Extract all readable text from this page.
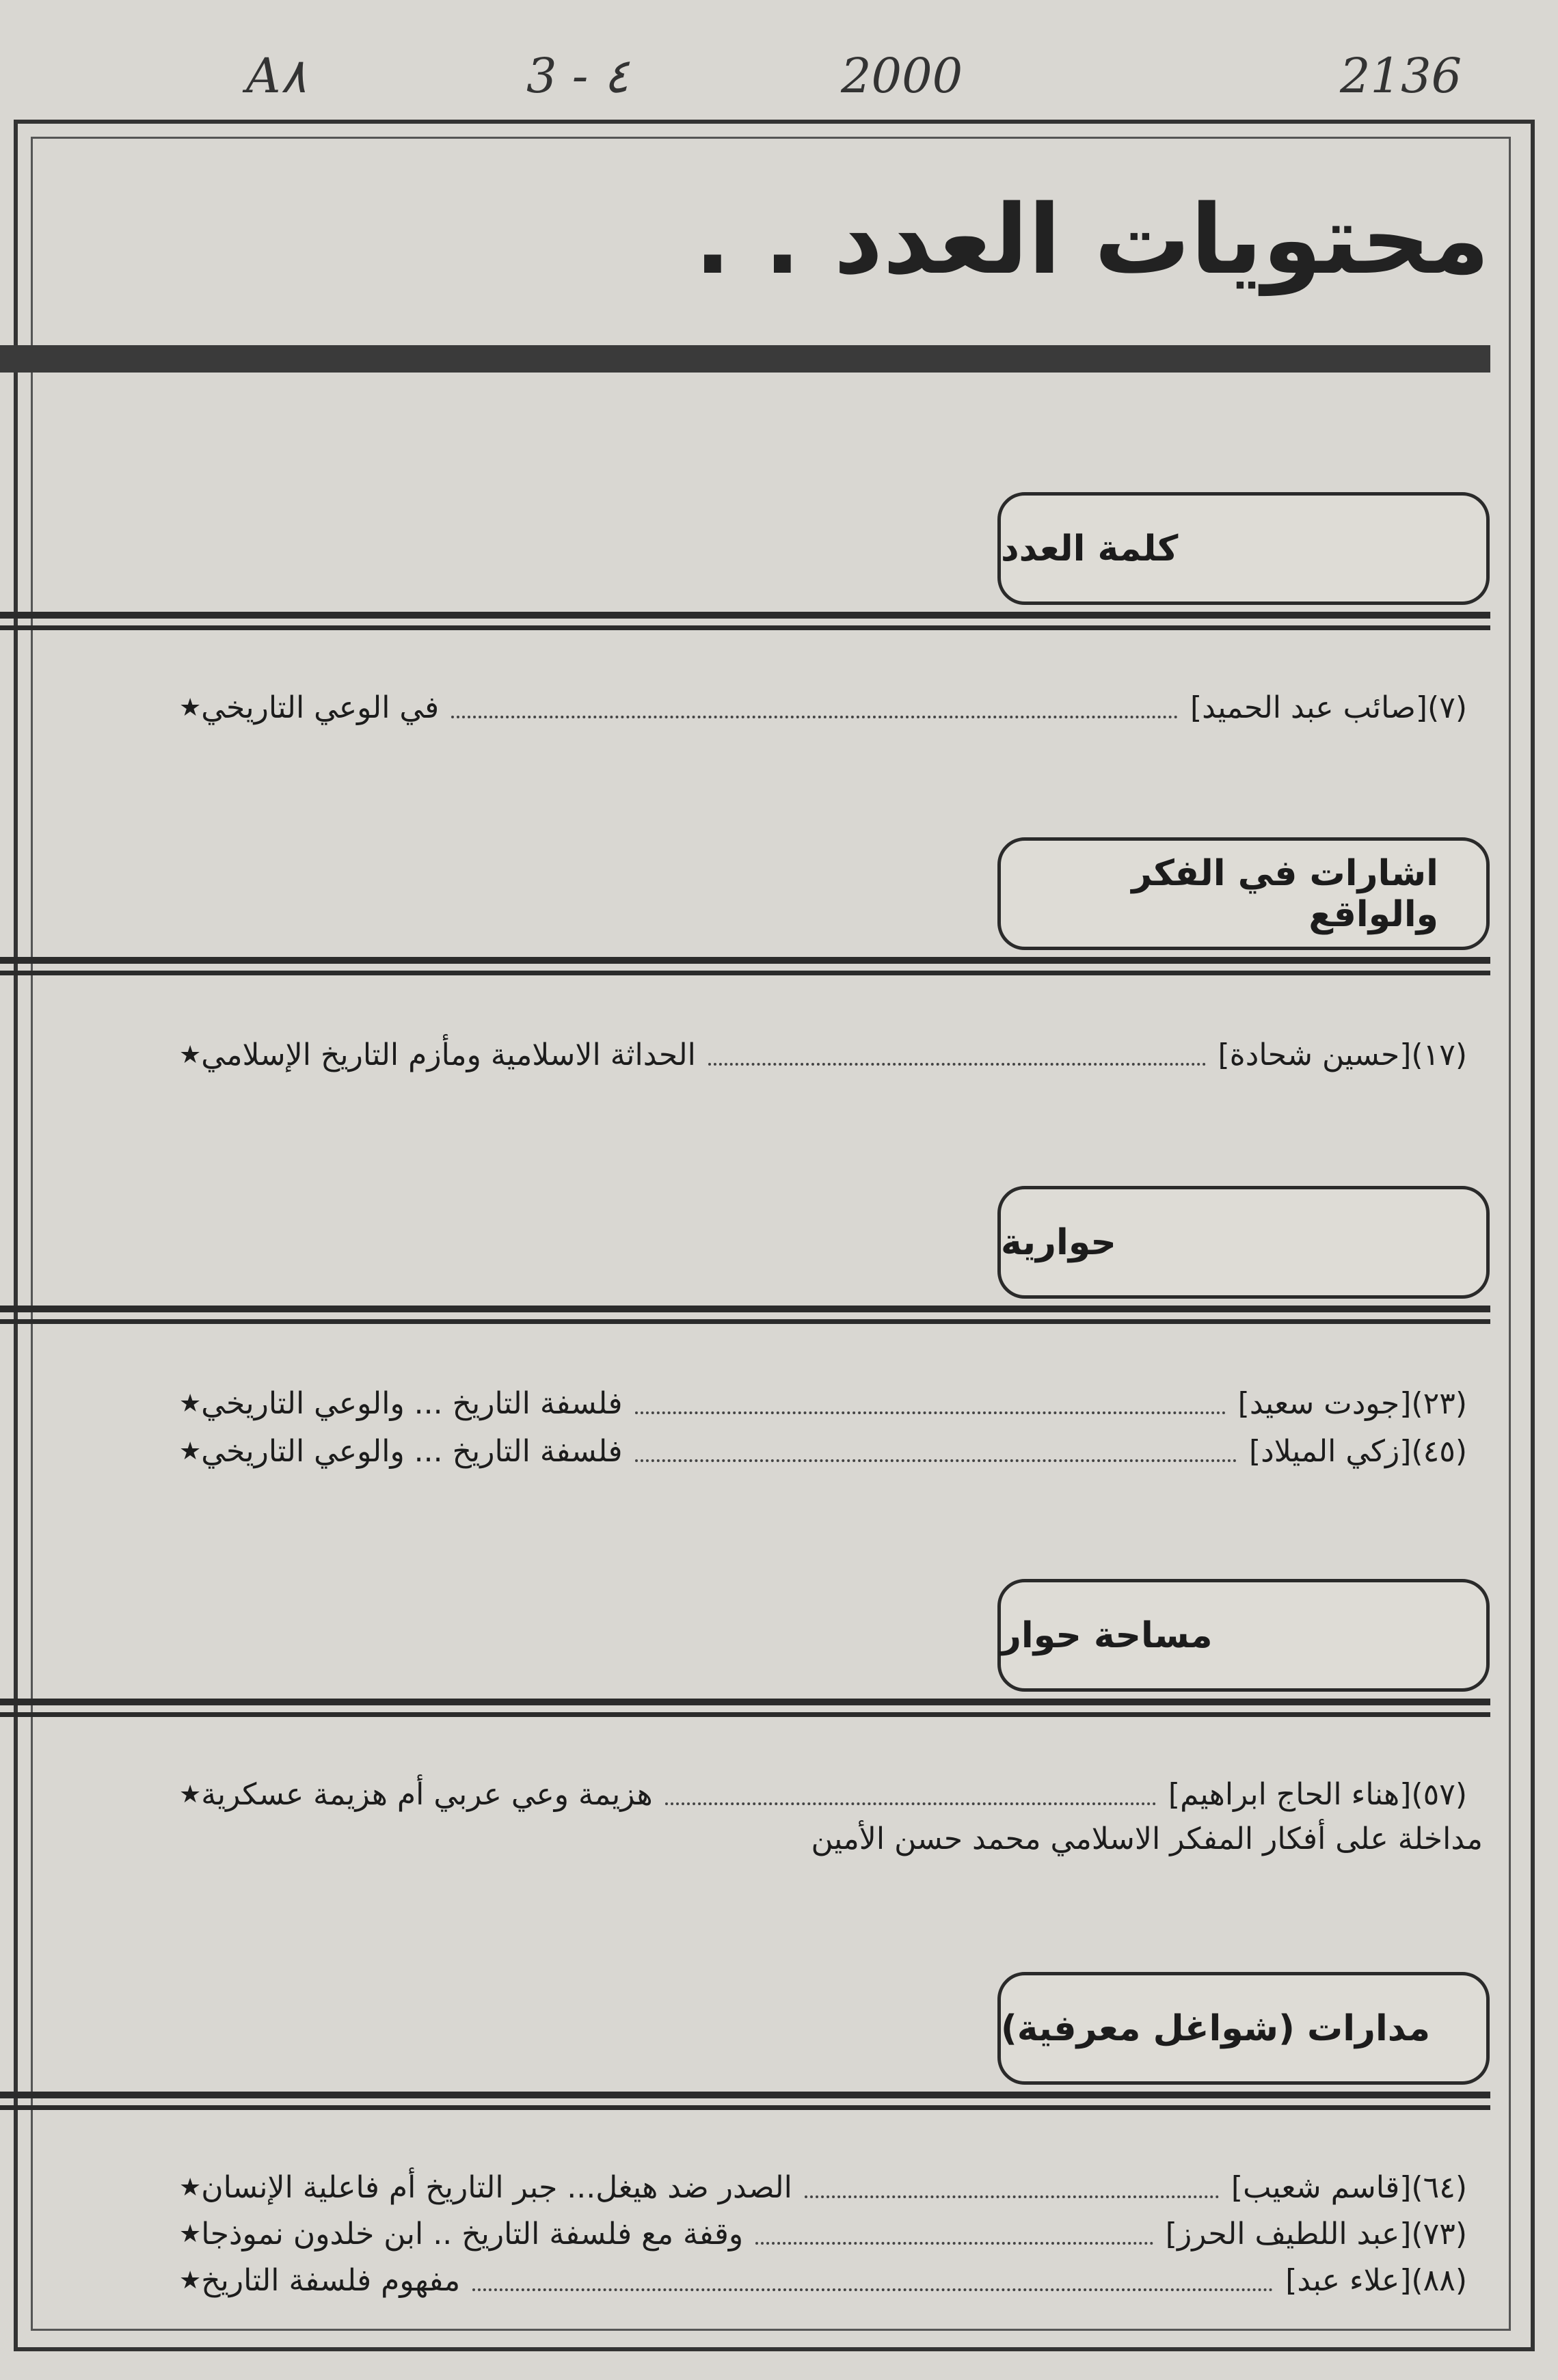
A٨	3 - ٤	2000	2136
محتويات العدد . .
كلمة العدد
★ في الوعي التاريخي	[صائب عبد الحميد] (٧)
اشارات في الفكر والواقع
★ الحداثة الاسلامية ومأزم التاريخ الإسلامي	[حسين شحادة] (١٧)
حوارية
★ فلسفة التاريخ ... والوعي التاريخي	[جودت سعيد] (٢٣)
★ فلسفة التاريخ ... والوعي التاريخي	[زكي الميلاد] (٤٥)
مساحة حوار
★ هزيمة وعي عربي أم هزيمة عسكرية	[هناء الحاج ابراهيم] (٥٧)
مداخلة على أفكار المفكر الاسلامي محمد حسن الأمين
مدارات (شواغل معرفية)
★ الصدر ضد هيغل... جبر التاريخ أم فاعلية الإنسان	[قاسم شعيب] (٦٤)
★ وقفة مع فلسفة التاريخ .. ابن خلدون نموذجا	[عبد اللطيف الحرز] (٧٣)
★ مفهوم فلسفة التاريخ	[علاء عبد] (٨٨)
